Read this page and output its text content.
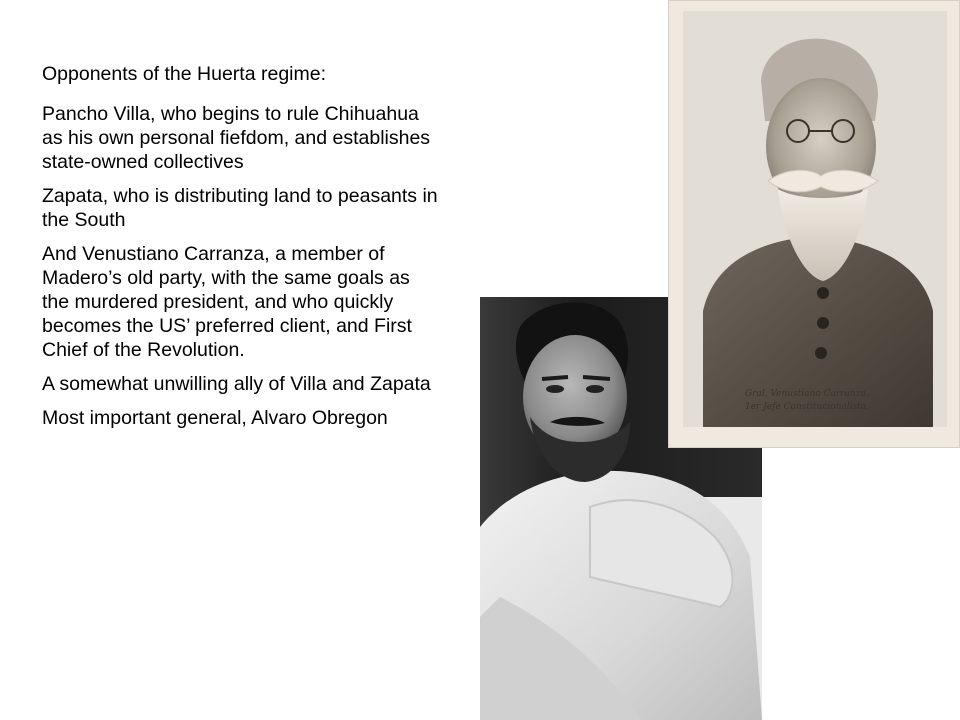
Opponents of the Huerta regime:

Pancho Villa, who begins to rule Chihuahua as his own personal fiefdom, and establishes state-owned collectives

Zapata, who is distributing land to peasants in the South

And Venustiano Carranza, a member of Madero’s old party, with the same goals as the murdered president, and who quickly becomes the US’ preferred client, and First Chief of the Revolution.

A somewhat unwilling ally of Villa and Zapata

Most important general, Alvaro Obregon

Gral. Venustiano Carranza.
1er Jefe Constitucionalista.
